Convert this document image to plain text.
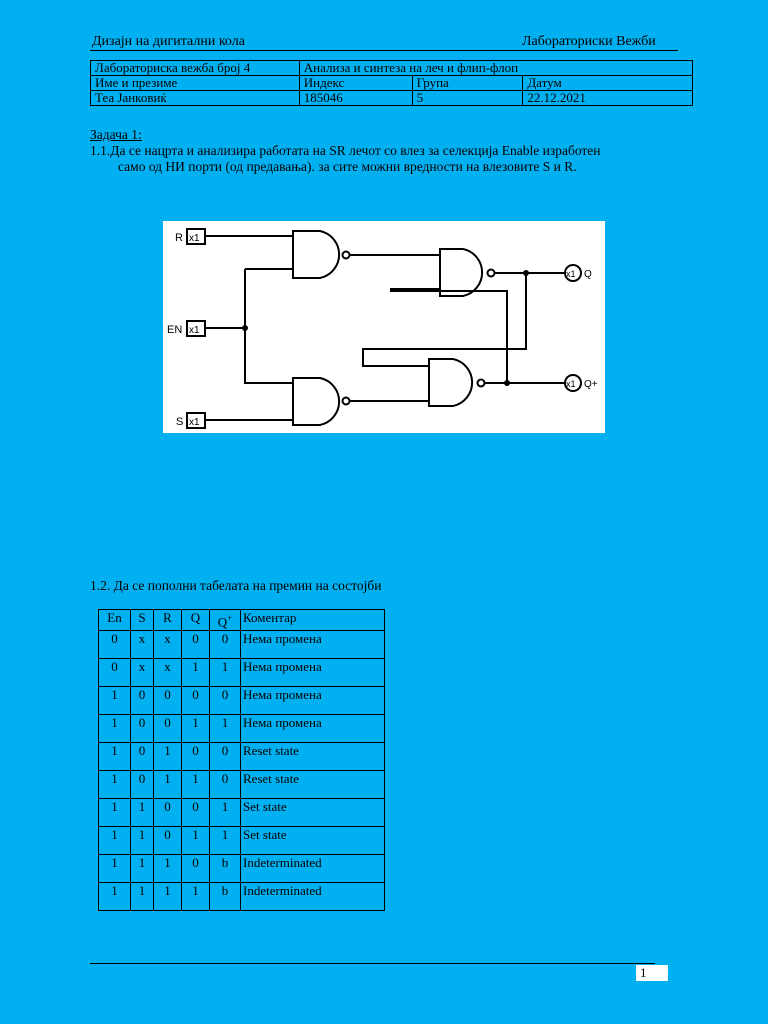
Дизајн на дигитални кола	Лабораториски Вежби
Лабораториска вежба број 4	Анализа и синтеза на леч и флип-флоп		
Име и презиме	Индекс	Група	Датум
Теа Јанковиќ	185046	5	22.12.2021
Задача 1:
1.1.Да се нацрта и анализира работата на SR лечот со влез за селекција Enable изработен
само од НИ порти (од предавања). за сите можни вредности на влезовите S и R.
R
EN
S
x1
x1
x1
x1
x1
Q
Q+
1.2. Да се пополни табелата на премин на состојби
En	S	R	Q	Q+	Коментар
0	x	x	0	0	Нема промена
0	x	x	1	1	Нема промена
1	0	0	0	0	Нема промена
1	0	0	1	1	Нема промена
1	0	1	0	0	Reset state
1	0	1	1	0	Reset state
1	1	0	0	1	Set state
1	1	0	1	1	Set state
1	1	1	0	b	Indeterminated
1	1	1	1	b	Indeterminated
1
